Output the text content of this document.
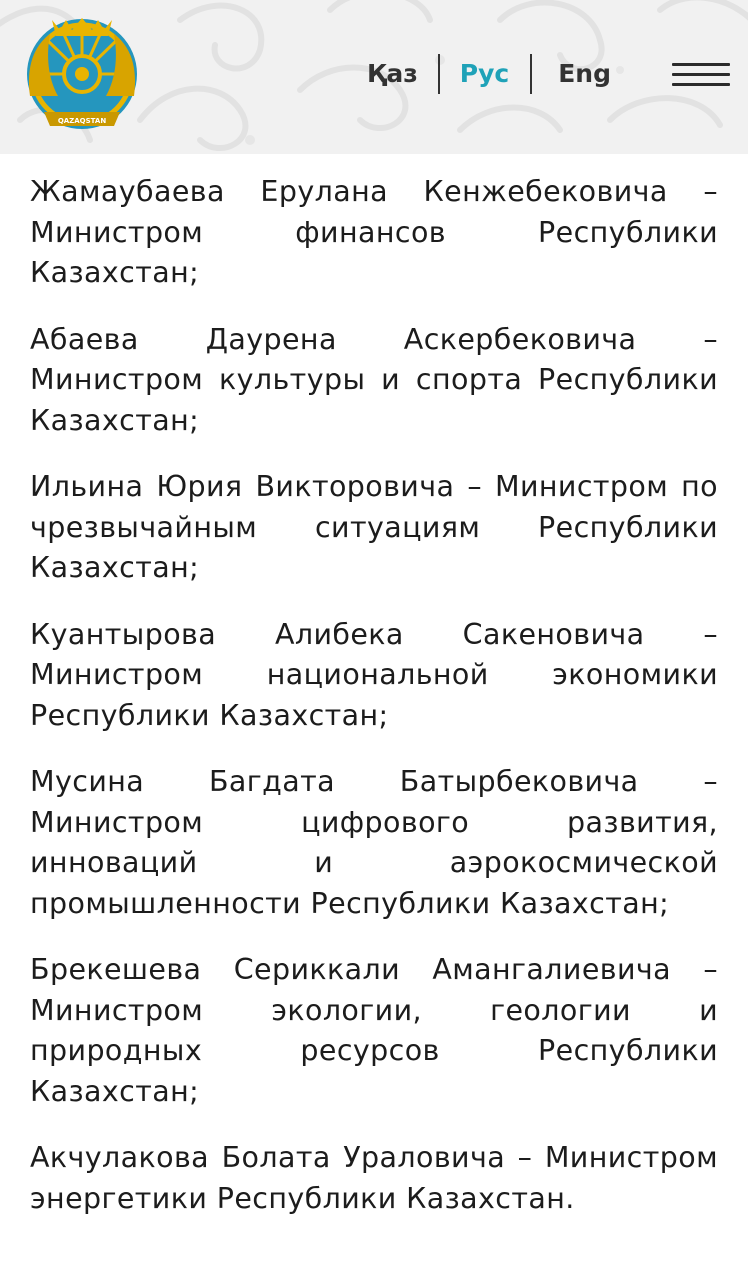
QAZAQSTAN
Қаз Рус Eng

Жамаубаева Ерулана Кенжебековича – Министром финансов Республики Казахстан;

Абаева Даурена Аскербековича – Министром культуры и спорта Республики Казахстан;

Ильина Юрия Викторовича – Министром по чрезвычайным ситуациям Республики Казахстан;

Куантырова Алибека Сакеновича – Министром национальной экономики Республики Казахстан;

Мусина Багдата Батырбековича – Министром цифрового развития, инноваций и аэрокосмической промышленности Республики Казахстан;

Брекешева Сериккали Амангалиевича – Министром экологии, геологии и природных ресурсов Республики Казахстан;

Акчулакова Болата Ураловича – Министром энергетики Республики Казахстан.
